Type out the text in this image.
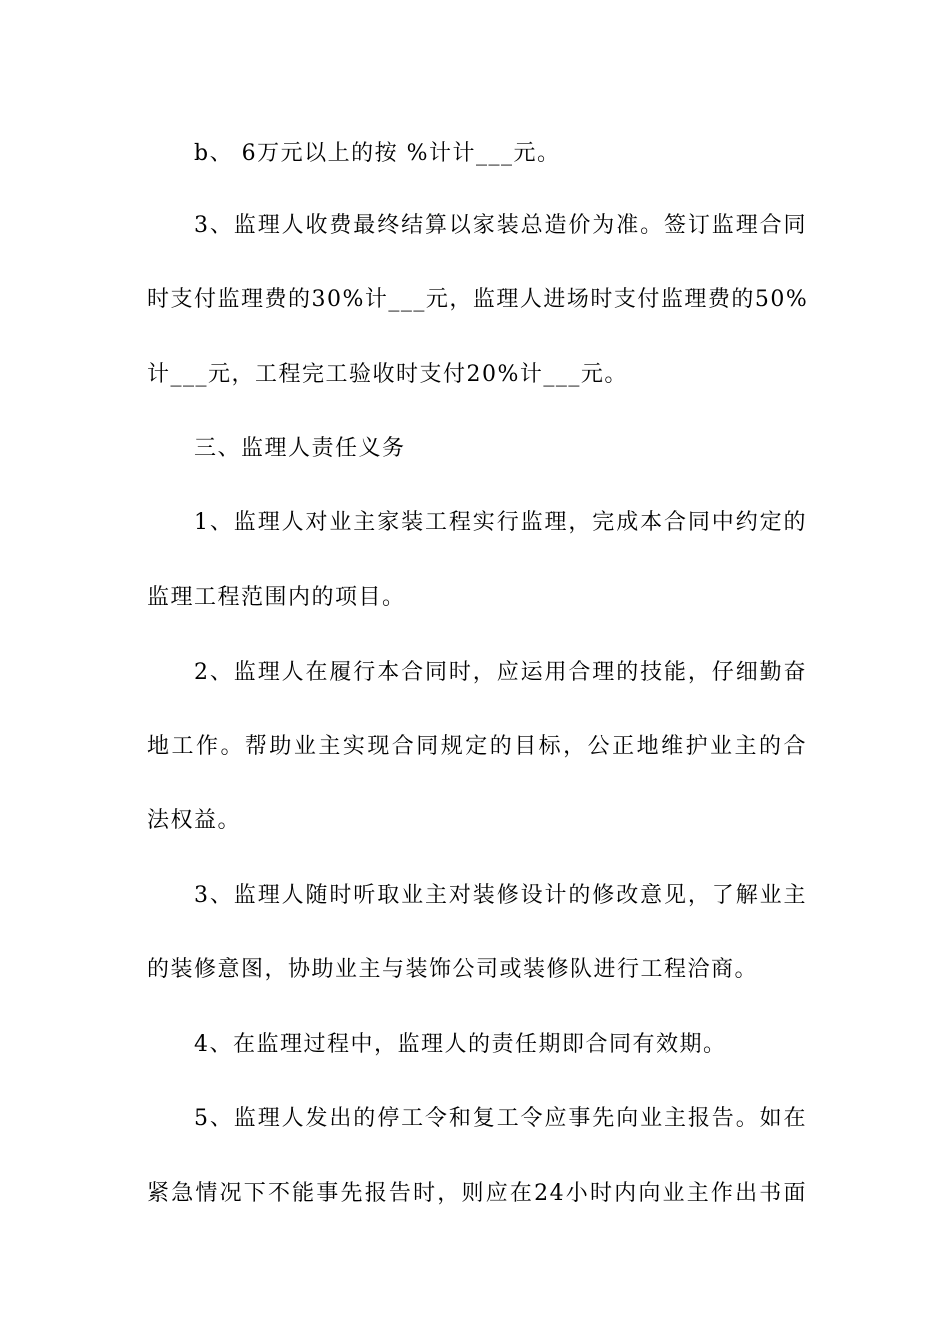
b、 6万元以上的按 %计计___元。
3、监理人收费最终结算以家装总造价为准。签订监理合同
时支付监理费的30%计___元，监理人进场时支付监理费的50%
计___元，工程完工验收时支付20%计___元。
三、监理人责任义务
1、监理人对业主家装工程实行监理，完成本合同中约定的
监理工程范围内的项目。
2、监理人在履行本合同时，应运用合理的技能，仔细勤奋
地工作。帮助业主实现合同规定的目标，公正地维护业主的合
法权益。
3、监理人随时听取业主对装修设计的修改意见，了解业主
的装修意图，协助业主与装饰公司或装修队进行工程洽商。
4、在监理过程中，监理人的责任期即合同有效期。
5、监理人发出的停工令和复工令应事先向业主报告。如在
紧急情况下不能事先报告时，则应在24小时内向业主作出书面
